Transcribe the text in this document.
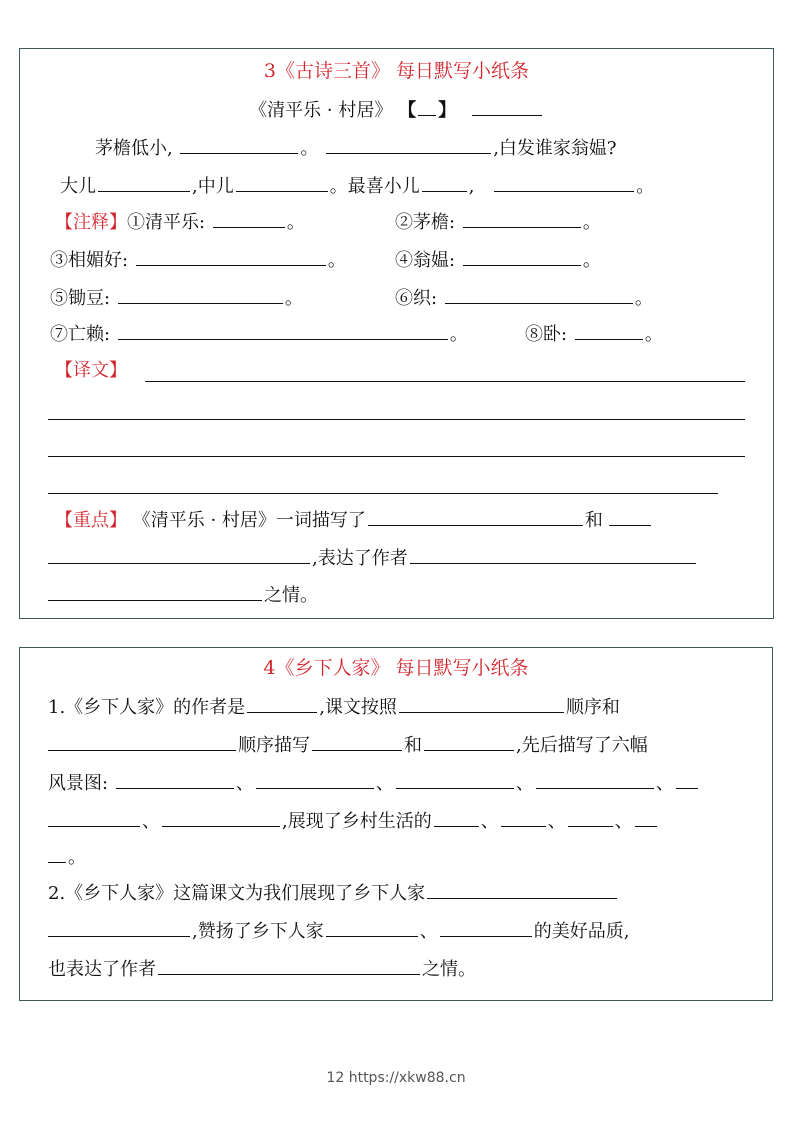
3《古诗三首》 每日默写小纸条
《清平乐 · 村居》 【 】
茅檐低小,	。	,白发谁家翁媪?
大儿	,中儿	。最喜小儿	,	。
【注释】①清平乐:	。	②茅檐:	。
③相媚好:	。	④翁媪:	。
⑤锄豆:	。	⑥织:	。
⑦亡赖:	。	⑧卧:	。
【译文】
【重点】 《清平乐 · 村居》一词描写了	和
,表达了作者
之情。
4《乡下人家》 每日默写小纸条
1.《乡下人家》的作者是	,课文按照	顺序和
顺序描写	和	,先后描写了六幅
风景图:	、	、	、	、
、	,展现了乡村生活的	、	、	、
。
2.《乡下人家》这篇课文为我们展现了乡下人家
,赞扬了乡下人家	、	的美好品质,
也表达了作者	之情。
12 https://xkw88.cn
